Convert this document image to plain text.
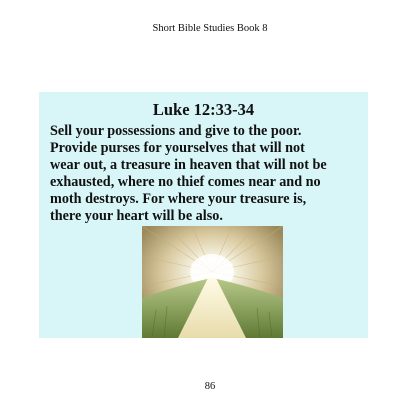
Short Bible Studies Book 8
Luke 12:33-34

Sell your possessions and give to the poor.
Provide purses for yourselves that will not
wear out, a treasure in heaven that will not be
exhausted, where no thief comes near and no
moth destroys. For where your treasure is,
there your heart will be also.

.
86
